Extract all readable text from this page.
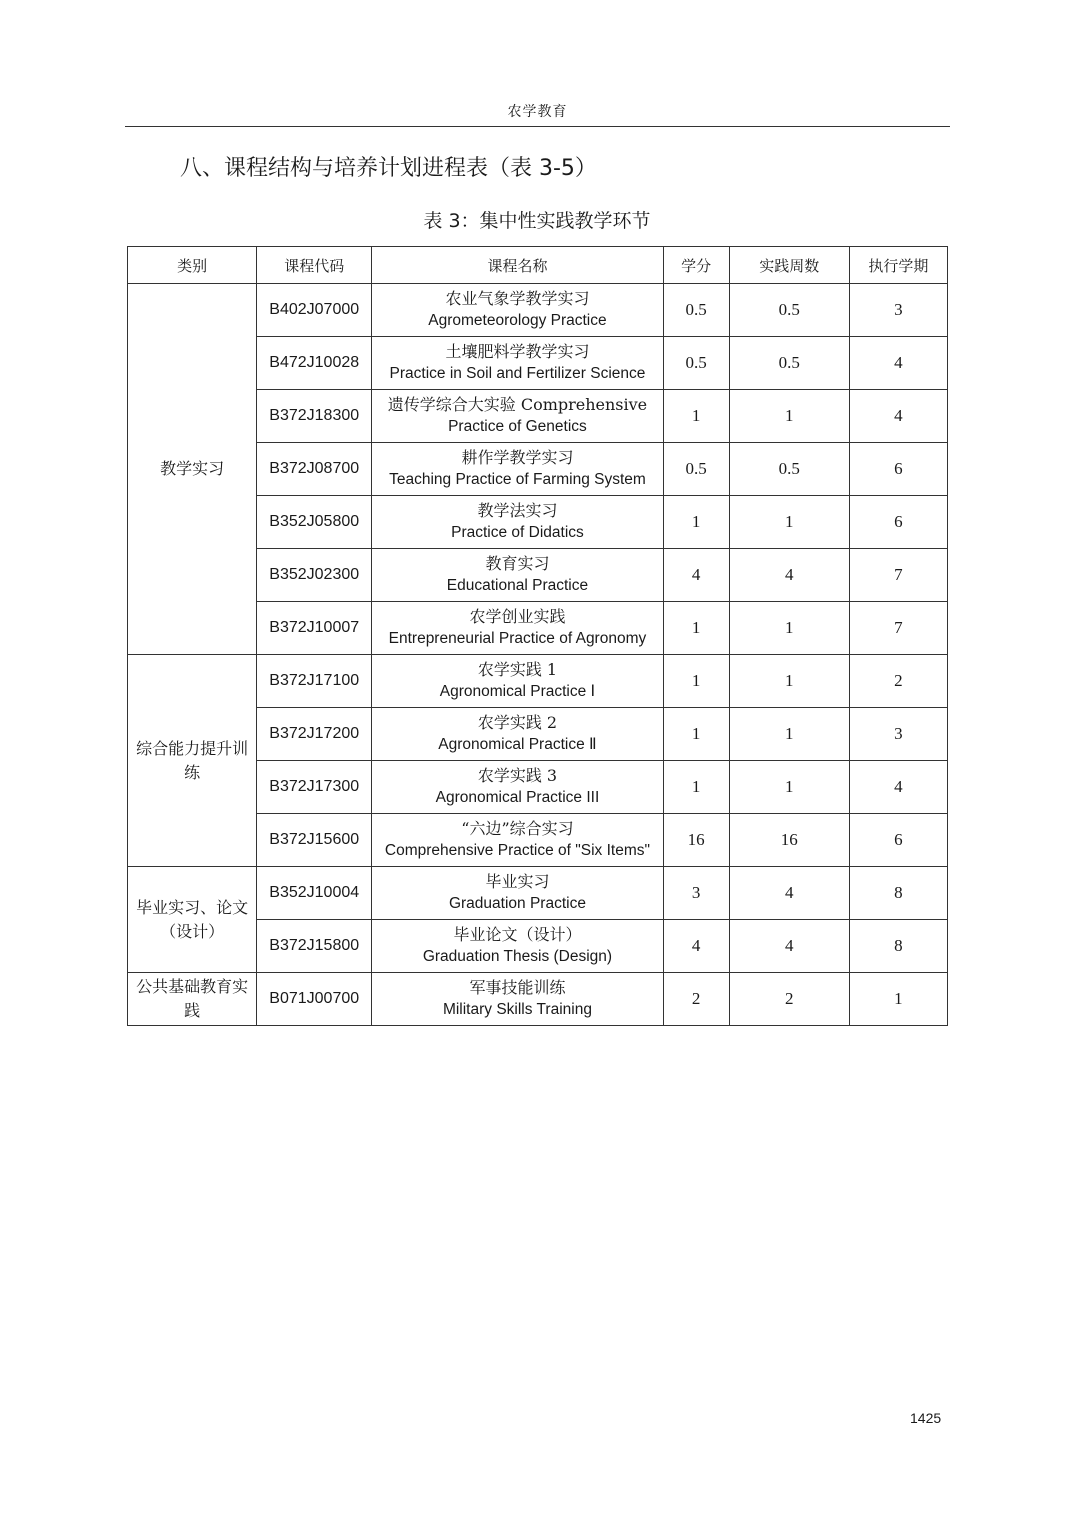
农学教育
八、课程结构与培养计划进程表（表 3-5）
表 3：集中性实践教学环节
类别	课程代码	课程名称	学分	实践周数	执行学期

教学实习	B402J07000	农业气象学教学实习
Agrometeorology Practice	0.5	0.5	3
	B472J10028	土壤肥料学教学实习
Practice in Soil and Fertilizer Science	0.5	0.5	4
	B372J18300	遗传学综合大实验 Comprehensive
Practice of Genetics	1	1	4
	B372J08700	耕作学教学实习
Teaching Practice of Farming System	0.5	0.5	6
	B352J05800	教学法实习
Practice of Didatics	1	1	6
	B352J02300	教育实习
Educational Practice	4	4	7
	B372J10007	农学创业实践
Entrepreneurial Practice of Agronomy	1	1	7

综合能力提升训练	B372J17100	农学实践 1
Agronomical Practice Ⅰ	1	1	2
	B372J17200	农学实践 2
Agronomical Practice Ⅱ	1	1	3
	B372J17300	农学实践 3
Agronomical Practice III	1	1	4
	B372J15600	“六边”综合实习
Comprehensive Practice of "Six Items"	16	16	6

毕业实习、论文（设计）	B352J10004	毕业实习
Graduation Practice	3	4	8
	B372J15800	毕业论文（设计）
Graduation Thesis (Design)	4	4	8

公共基础教育实践	B071J00700	军事技能训练
Military Skills Training	2	2	1
1425
